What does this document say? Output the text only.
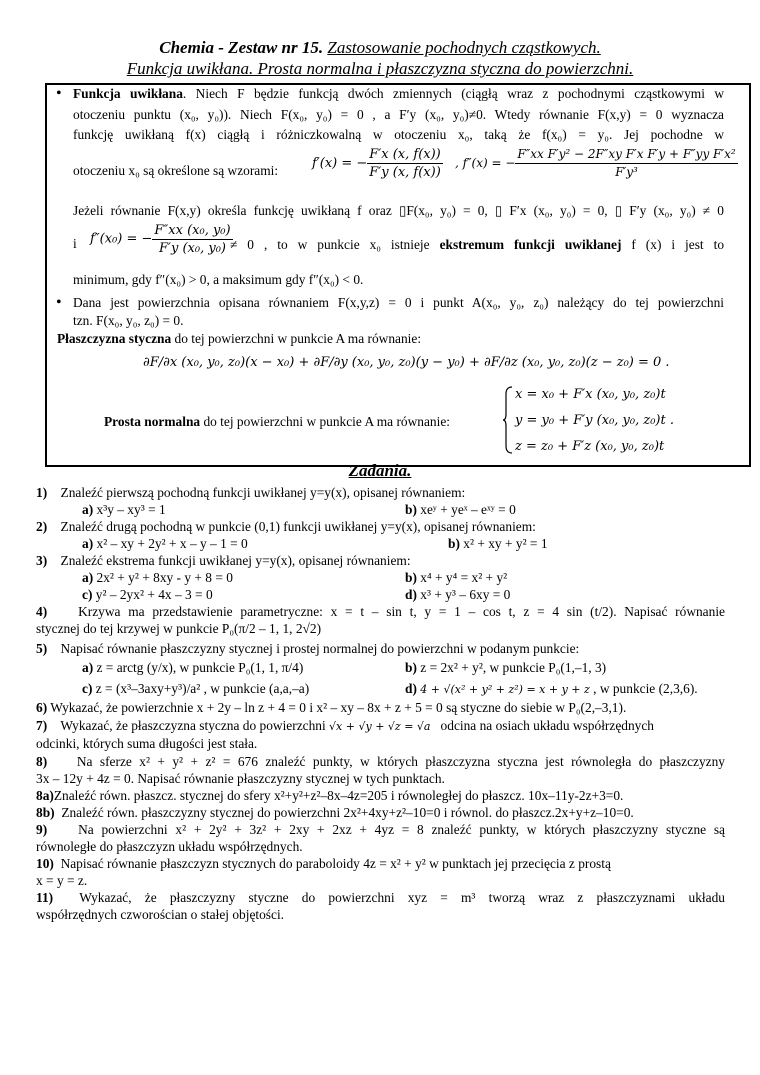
Chemia - Zestaw nr 15. Zastosowanie pochodnych cząstkowych.
Funkcja uwikłana. Prosta normalna i płaszczyzna styczna do powierzchni.
• Funkcja uwikłana. Niech F będzie funkcją dwóch zmiennych (ciągłą wraz z pochodnymi cząstkowymi w
otoczeniu punktu (x₀, y₀)). Niech F(x₀, y₀) = 0 , a F′y (x₀, y₀)≠0. Wtedy równanie F(x,y) = 0 wyznacza
funkcję uwikłaną f(x) ciągłą i różniczkowalną w otoczeniu x₀, taką że f(x₀) = y₀. Jej pochodne w
otoczeniu x₀ są określone są wzorami:	f′(x) = − $\frac{F'x (x, f(x))}{F'y (x, f(x))}$ , f″(x) = − $\frac{\text{F″xx F′y² − 2F″xy F′x F′y + F″yy F′x²}}{\text{F′y³}}$
Jeżeli równanie F(x,y) określa funkcję uwikłaną f oraz ▯F(x₀, y₀) = 0, ▯ F′x (x₀, y₀) = 0, ▯ F′y (x₀, y₀) ≠ 0
i f″(x₀) = − $\frac{\text{F″xx (x₀, y₀)}}{\text{F′y (x₀, y₀)}}$
≠ 0 , to w punkcie x₀ istnieje ekstremum funkcji uwikłanej f (x) i jest to
minimum, gdy f″(x₀) > 0, a maksimum gdy f″(x₀) < 0.
• Dana jest powierzchnia opisana równaniem F(x,y,z) = 0 i punkt A(x₀, y₀, z₀) należący do tej powierzchni
tzn. F(x₀, y₀, z₀) = 0.
Płaszczyzna styczna do tej powierzchni w punkcie A ma równanie:
∂F/∂x (x₀, y₀, z₀)(x − x₀) + ∂F/∂y (x₀, y₀, z₀)(y − y₀) + ∂F/∂z (x₀, y₀, z₀)(z − z₀) = 0 .
Prosta normalna do tej powierzchni w punkcie A ma równanie:
x = x₀ + F′x (x₀, y₀, z₀)t
y = y₀ + F′y (x₀, y₀, z₀)t .
z = z₀ + F′z (x₀, y₀, z₀)t
Zadania.
1) Znaleźć pierwszą pochodną funkcji uwikłanej y=y(x), opisanej równaniem:
a) x³y – xy³ = 1	b) xeʸ + yeˣ – eˣʸ = 0
2) Znaleźć drugą pochodną w punkcie (0,1) funkcji uwikłanej y=y(x), opisanej równaniem:
a) x² – xy + 2y² + x – y – 1 = 0	b) x² + xy + y² = 1
3) Znaleźć ekstrema funkcji uwikłanej y=y(x), opisanej równaniem:
a) 2x² + y² + 8xy - y + 8 = 0	b) x⁴ + y⁴ = x² + y²
c) y² – 2yx² + 4x – 3 = 0	d) x³ + y³ – 6xy = 0
4) Krzywa ma przedstawienie parametryczne: x = t – sin t, y = 1 – cos t, z = 4 sin (t/2). Napisać równanie
stycznej do tej krzywej w punkcie P₀(π/2 – 1, 1, 2√2)
5) Napisać równanie płaszczyzny stycznej i prostej normalnej do powierzchni w podanym punkcie:
a) z = arctg (y/x), w punkcie P₀(1, 1, π/4)	b) z = 2x² + y², w punkcie P₀(1,–1, 3)
c) z = (x³–3axy+y³)/a² , w punkcie (a,a,–a)	d) 4 + √(x² + y² + z²) = x + y + z , w punkcie (2,3,6).
6) Wykazać, że powierzchnie x + 2y – ln z + 4 = 0 i x² – xy – 8x + z + 5 = 0 są styczne do siebie w P₀(2,–3,1).
7) Wykazać, że płaszczyzna styczna do powierzchni √x + √y + √z = √a odcina na osiach układu współrzędnych
odcinki, których suma długości jest stała.
8) Na sferze x² + y² + z² = 676 znaleźć punkty, w których płaszczyzna styczna jest równoległa do płaszczyzny
3x – 12y + 4z = 0. Napisać równanie płaszczyzny stycznej w tych punktach.
8a)Znaleźć równ. płaszcz. stycznej do sfery x²+y²+z²–8x–4z=205 i równoległej do płaszcz. 10x–11y-2z+3=0.
8b) Znaleźć równ. płaszczyzny stycznej do powierzchni 2x²+4xy+z²–10=0 i równol. do płaszcz.2x+y+z–10=0.
9) Na powierzchni x² + 2y² + 3z² + 2xy + 2xz + 4yz = 8 znaleźć punkty, w których płaszczyzny styczne są
równoległe do płaszczyzn układu współrzędnych.
10) Napisać równanie płaszczyzn stycznych do paraboloidy 4z = x² + y² w punktach jej przecięcia z prostą
x = y = z.
11) Wykazać, że płaszczyzny styczne do powierzchni xyz = m³ tworzą wraz z płaszczyznami układu
współrzędnych czworościan o stałej objętości.
